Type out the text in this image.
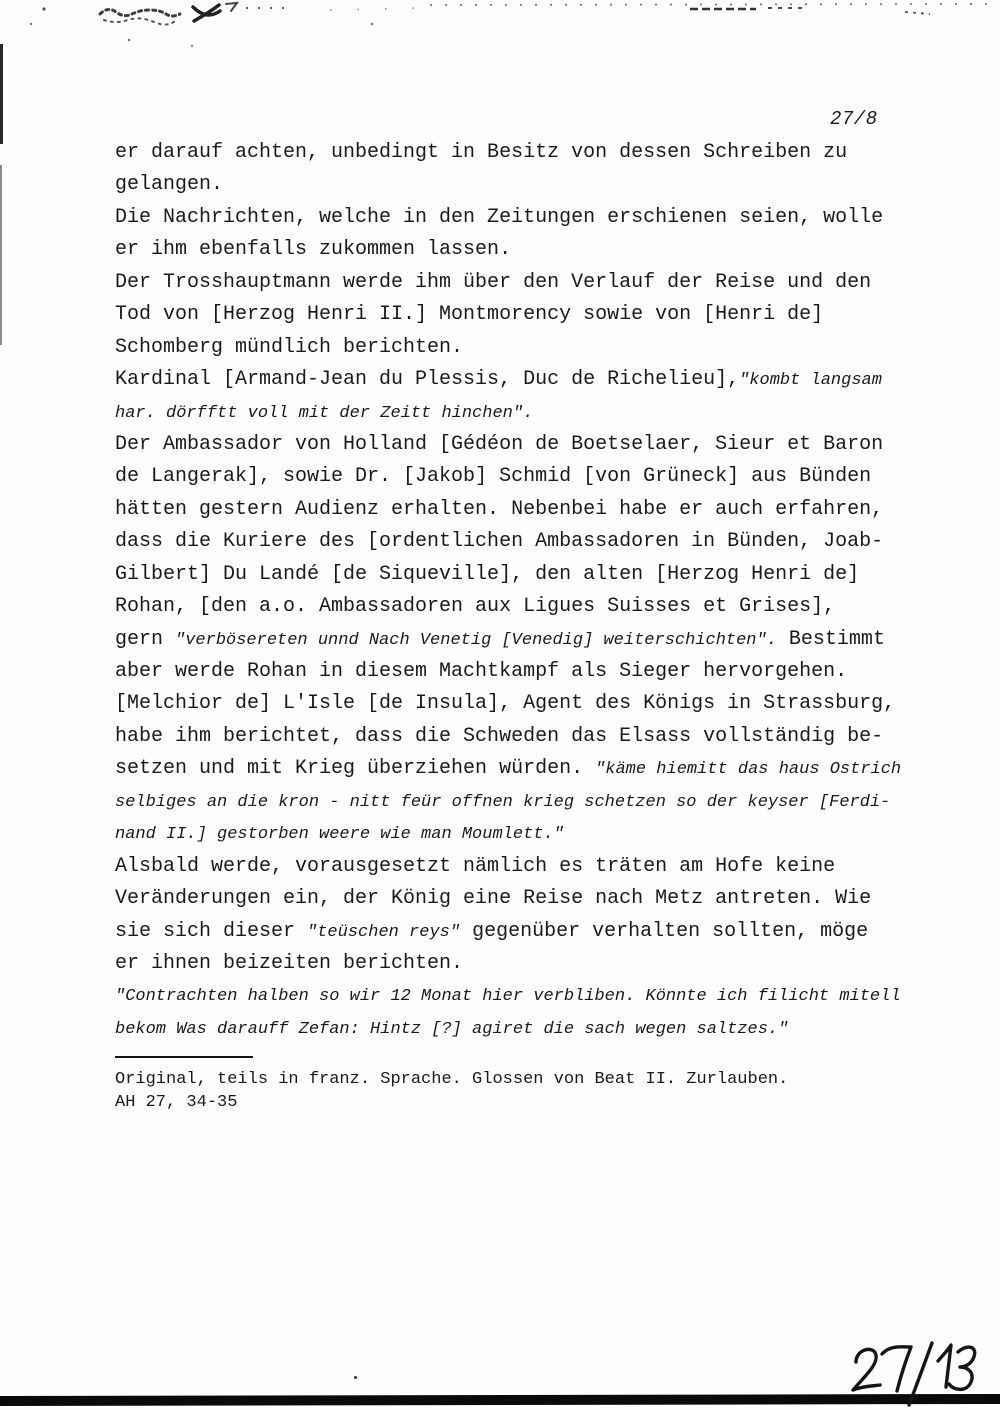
27/8
er darauf achten, unbedingt in Besitz von dessen Schreiben zu
gelangen.
Die Nachrichten, welche in den Zeitungen erschienen seien, wolle
er ihm ebenfalls zukommen lassen.
Der Trosshauptmann werde ihm über den Verlauf der Reise und den
Tod von [Herzog Henri II.] Montmorency sowie von [Henri de]
Schomberg mündlich berichten.
Kardinal [Armand-Jean du Plessis, Duc de Richelieu],"kombt langsam
har. dörfftt voll mit der Zeitt hinchen".
Der Ambassador von Holland [Gédéon de Boetselaer, Sieur et Baron
de Langerak], sowie Dr. [Jakob] Schmid [von Grüneck] aus Bünden
hätten gestern Audienz erhalten. Nebenbei habe er auch erfahren,
dass die Kuriere des [ordentlichen Ambassadoren in Bünden, Joab-
Gilbert] Du Landé [de Siqueville], den alten [Herzog Henri de]
Rohan, [den a.o. Ambassadoren aux Ligues Suisses et Grises],
gern "verbösereten unnd Nach Venetig [Venedig] weiterschichten". Bestimmt
aber werde Rohan in diesem Machtkampf als Sieger hervorgehen.
[Melchior de] L'Isle [de Insula], Agent des Königs in Strassburg,
habe ihm berichtet, dass die Schweden das Elsass vollständig be-
setzen und mit Krieg überziehen würden. "käme hiemitt das haus Ostrich
selbiges an die kron - nitt feür offnen krieg schetzen so der keyser [Ferdi-
nand II.] gestorben weere wie man Moumlett."
Alsbald werde, vorausgesetzt nämlich es träten am Hofe keine
Veränderungen ein, der König eine Reise nach Metz antreten. Wie
sie sich dieser "teüschen reys" gegenüber verhalten sollten, möge
er ihnen beizeiten berichten.
"Contrachten halben so wir 12 Monat hier verbliben. Könnte ich filicht mitell
bekom Was darauff Zefan: Hintz [?] agiret die sach wegen saltzes."
Original, teils in franz. Sprache. Glossen von Beat II. Zurlauben.
AH 27, 34-35
